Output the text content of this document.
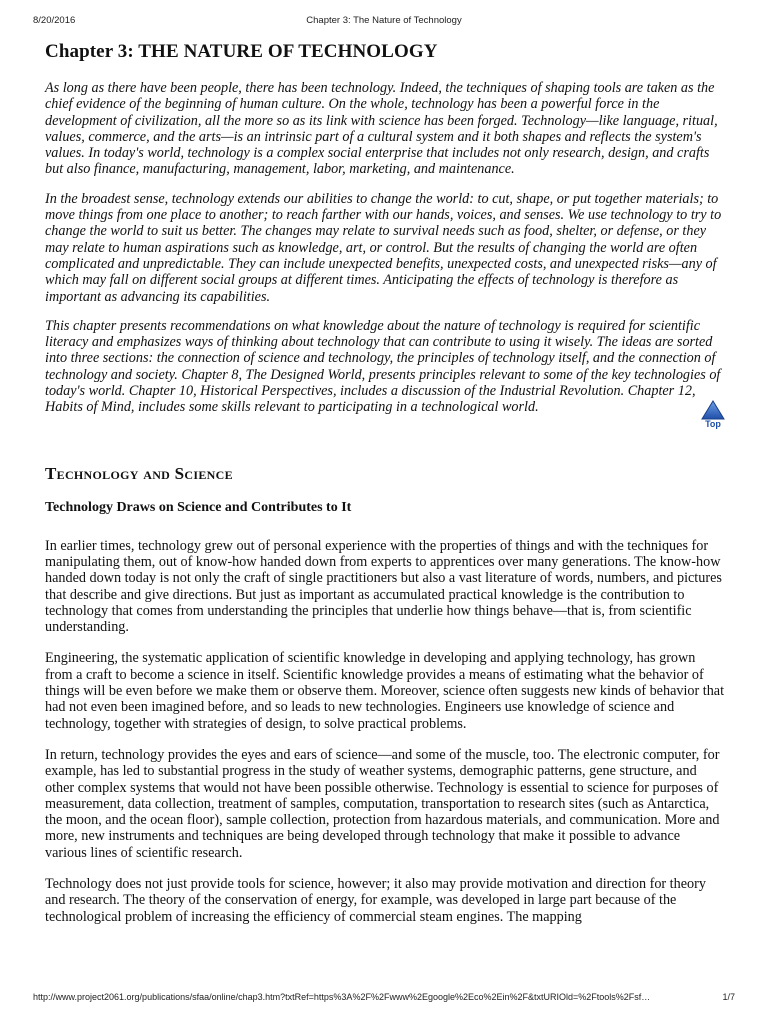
8/20/2016	Chapter 3: The Nature of Technology
Chapter 3: THE NATURE OF TECHNOLOGY

As long as there have been people, there has been technology. Indeed, the techniques of shaping tools are taken as the chief evidence of the beginning of human culture. On the whole, technology has been a powerful force in the development of civilization, all the more so as its link with science has been forged. Technology—like language, ritual, values, commerce, and the arts—is an intrinsic part of a cultural system and it both shapes and reflects the system's values. In today's world, technology is a complex social enterprise that includes not only research, design, and crafts but also finance, manufacturing, management, labor, marketing, and maintenance.

In the broadest sense, technology extends our abilities to change the world: to cut, shape, or put together materials; to move things from one place to another; to reach farther with our hands, voices, and senses. We use technology to try to change the world to suit us better. The changes may relate to survival needs such as food, shelter, or defense, or they may relate to human aspirations such as knowledge, art, or control. But the results of changing the world are often complicated and unpredictable. They can include unexpected benefits, unexpected costs, and unexpected risks—any of which may fall on different social groups at different times. Anticipating the effects of technology is therefore as important as advancing its capabilities.

This chapter presents recommendations on what knowledge about the nature of technology is required for scientific literacy and emphasizes ways of thinking about technology that can contribute to using it wisely. The ideas are sorted into three sections: the connection of science and technology, the principles of technology itself, and the connection of technology and society. Chapter 8, The Designed World, presents principles relevant to some of the key technologies of today's world. Chapter 10, Historical Perspectives, includes a discussion of the Industrial Revolution. Chapter 12, Habits of Mind, includes some skills relevant to participating in a technological world.

Top
Technology and Science
Technology Draws on Science and Contributes to It

In earlier times, technology grew out of personal experience with the properties of things and with the techniques for manipulating them, out of know-how handed down from experts to apprentices over many generations. The know-how handed down today is not only the craft of single practitioners but also a vast literature of words, numbers, and pictures that describe and give directions. But just as important as accumulated practical knowledge is the contribution to technology that comes from understanding the principles that underlie how things behave—that is, from scientific understanding.

Engineering, the systematic application of scientific knowledge in developing and applying technology, has grown from a craft to become a science in itself. Scientific knowledge provides a means of estimating what the behavior of things will be even before we make them or observe them. Moreover, science often suggests new kinds of behavior that had not even been imagined before, and so leads to new technologies. Engineers use knowledge of science and technology, together with strategies of design, to solve practical problems.

In return, technology provides the eyes and ears of science—and some of the muscle, too. The electronic computer, for example, has led to substantial progress in the study of weather systems, demographic patterns, gene structure, and other complex systems that would not have been possible otherwise. Technology is essential to science for purposes of measurement, data collection, treatment of samples, computation, transportation to research sites (such as Antarctica, the moon, and the ocean floor), sample collection, protection from hazardous materials, and communication. More and more, new instruments and techniques are being developed through technology that make it possible to advance various lines of scientific research.

Technology does not just provide tools for science, however; it also may provide motivation and direction for theory and research. The theory of the conservation of energy, for example, was developed in large part because of the technological problem of increasing the efficiency of commercial steam engines. The mapping

http://www.project2061.org/publications/sfaa/online/chap3.htm?txtRef=https%3A%2F%2Fwww%2Egoogle%2Eco%2Ein%2F&txtURIOld=%2Ftools%2Fsf…	1/7
